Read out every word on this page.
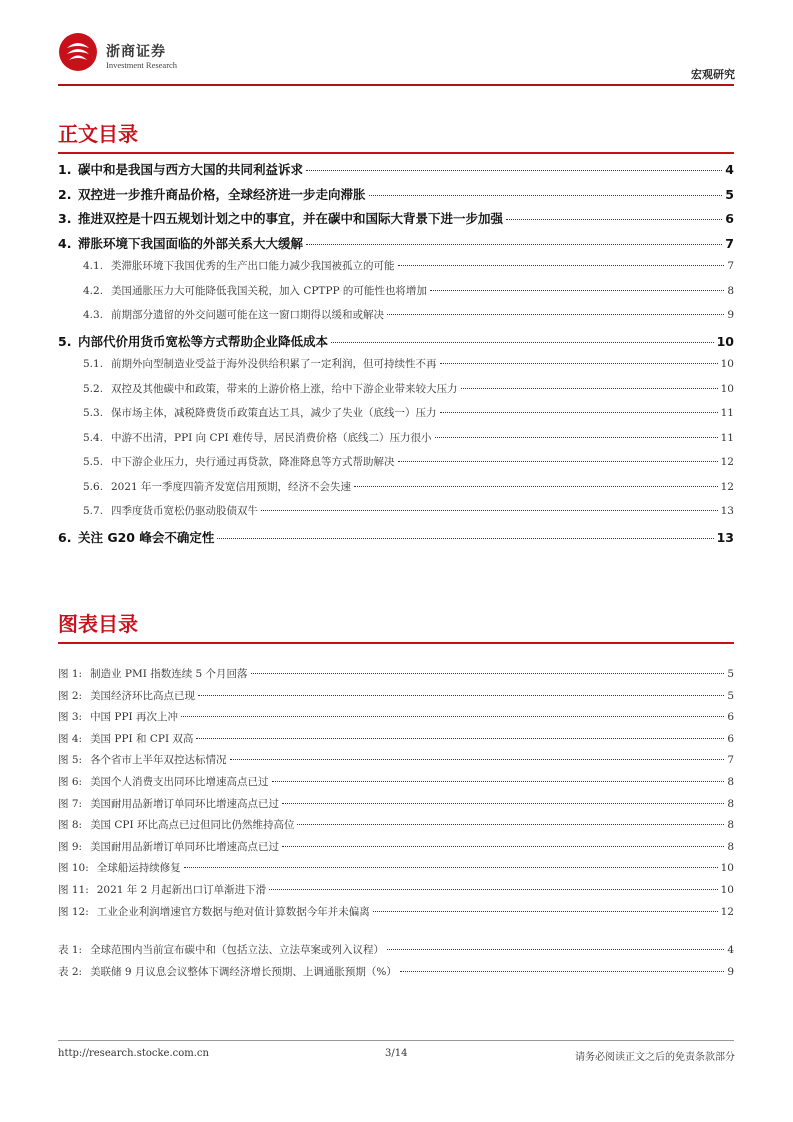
浙商证券
Investment Research
宏观研究
正文目录
1. 碳中和是我国与西方大国的共同利益诉求	4
2. 双控进一步推升商品价格，全球经济进一步走向滞胀	5
3. 推进双控是十四五规划计划之中的事宜，并在碳中和国际大背景下进一步加强	6
4. 滞胀环境下我国面临的外部关系大大缓解	7
4.1. 类滞胀环境下我国优秀的生产出口能力减少我国被孤立的可能	7
4.2. 美国通胀压力大可能降低我国关税，加入 CPTPP 的可能性也将增加	8
4.3. 前期部分遗留的外交问题可能在这一窗口期得以缓和或解决	9
5. 内部代价用货币宽松等方式帮助企业降低成本	10
5.1. 前期外向型制造业受益于海外没供给积累了一定利润，但可持续性不再	10
5.2. 双控及其他碳中和政策，带来的上游价格上涨，给中下游企业带来较大压力	10
5.3. 保市场主体，减税降费货币政策直达工具，减少了失业（底线一）压力	11
5.4. 中游不出清，PPI 向 CPI 难传导，居民消费价格（底线二）压力很小	11
5.5. 中下游企业压力，央行通过再贷款，降准降息等方式帮助解决	12
5.6. 2021 年一季度四箭齐发宽信用预期，经济不会失速	12
5.7. 四季度货币宽松仍驱动股债双牛	13
6. 关注 G20 峰会不确定性	13
图表目录
图 1: 制造业 PMI 指数连续 5 个月回落	5
图 2: 美国经济环比高点已现	5
图 3: 中国 PPI 再次上冲	6
图 4: 美国 PPI 和 CPI 双高	6
图 5: 各个省市上半年双控达标情况	7
图 6: 美国个人消费支出同环比增速高点已过	8
图 7: 美国耐用品新增订单同环比增速高点已过	8
图 8: 美国 CPI 环比高点已过但同比仍然维持高位	8
图 9: 美国耐用品新增订单同环比增速高点已过	8
图 10: 全球船运持续修复	10
图 11: 2021 年 2 月起新出口订单渐进下滑	10
图 12: 工业企业利润增速官方数据与绝对值计算数据今年并未偏离	12
表 1: 全球范围内当前宣布碳中和（包括立法、立法草案或列入议程）	4
表 2: 美联储 9 月议息会议整体下调经济增长预期、上调通胀预期（%）	9
http://research.stocke.com.cn	3/14	请务必阅读正文之后的免责条款部分
